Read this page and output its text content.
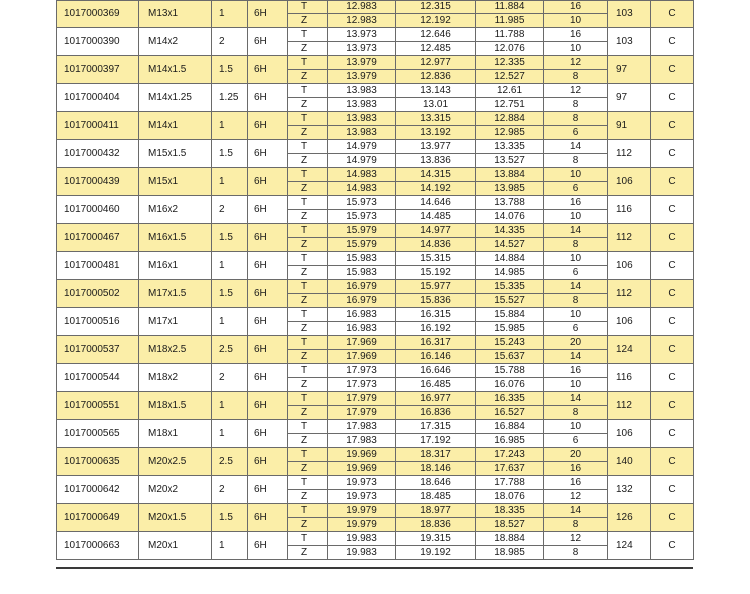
1017000369	M13x1	1	6H	T	12.983	12.315	11.884	16	103	C
				Z	12.983	12.192	11.985	10		
1017000390	M14x2	2	6H	T	13.973	12.646	11.788	16	103	C
				Z	13.973	12.485	12.076	10		
1017000397	M14x1.5	1.5	6H	T	13.979	12.977	12.335	12	97	C
				Z	13.979	12.836	12.527	8		
1017000404	M14x1.25	1.25	6H	T	13.983	13.143	12.61	12	97	C
				Z	13.983	13.01	12.751	8		
1017000411	M14x1	1	6H	T	13.983	13.315	12.884	8	91	C
				Z	13.983	13.192	12.985	6		
1017000432	M15x1.5	1.5	6H	T	14.979	13.977	13.335	14	112	C
				Z	14.979	13.836	13.527	8		
1017000439	M15x1	1	6H	T	14.983	14.315	13.884	10	106	C
				Z	14.983	14.192	13.985	6		
1017000460	M16x2	2	6H	T	15.973	14.646	13.788	16	116	C
				Z	15.973	14.485	14.076	10		
1017000467	M16x1.5	1.5	6H	T	15.979	14.977	14.335	14	112	C
				Z	15.979	14.836	14.527	8		
1017000481	M16x1	1	6H	T	15.983	15.315	14.884	10	106	C
				Z	15.983	15.192	14.985	6		
1017000502	M17x1.5	1.5	6H	T	16.979	15.977	15.335	14	112	C
				Z	16.979	15.836	15.527	8		
1017000516	M17x1	1	6H	T	16.983	16.315	15.884	10	106	C
				Z	16.983	16.192	15.985	6		
1017000537	M18x2.5	2.5	6H	T	17.969	16.317	15.243	20	124	C
				Z	17.969	16.146	15.637	14		
1017000544	M18x2	2	6H	T	17.973	16.646	15.788	16	116	C
				Z	17.973	16.485	16.076	10		
1017000551	M18x1.5	1	6H	T	17.979	16.977	16.335	14	112	C
				Z	17.979	16.836	16.527	8		
1017000565	M18x1	1	6H	T	17.983	17.315	16.884	10	106	C
				Z	17.983	17.192	16.985	6		
1017000635	M20x2.5	2.5	6H	T	19.969	18.317	17.243	20	140	C
				Z	19.969	18.146	17.637	16		
1017000642	M20x2	2	6H	T	19.973	18.646	17.788	16	132	C
				Z	19.973	18.485	18.076	12		
1017000649	M20x1.5	1.5	6H	T	19.979	18.977	18.335	14	126	C
				Z	19.979	18.836	18.527	8		
1017000663	M20x1	1	6H	T	19.983	19.315	18.884	12	124	C
				Z	19.983	19.192	18.985	8		
